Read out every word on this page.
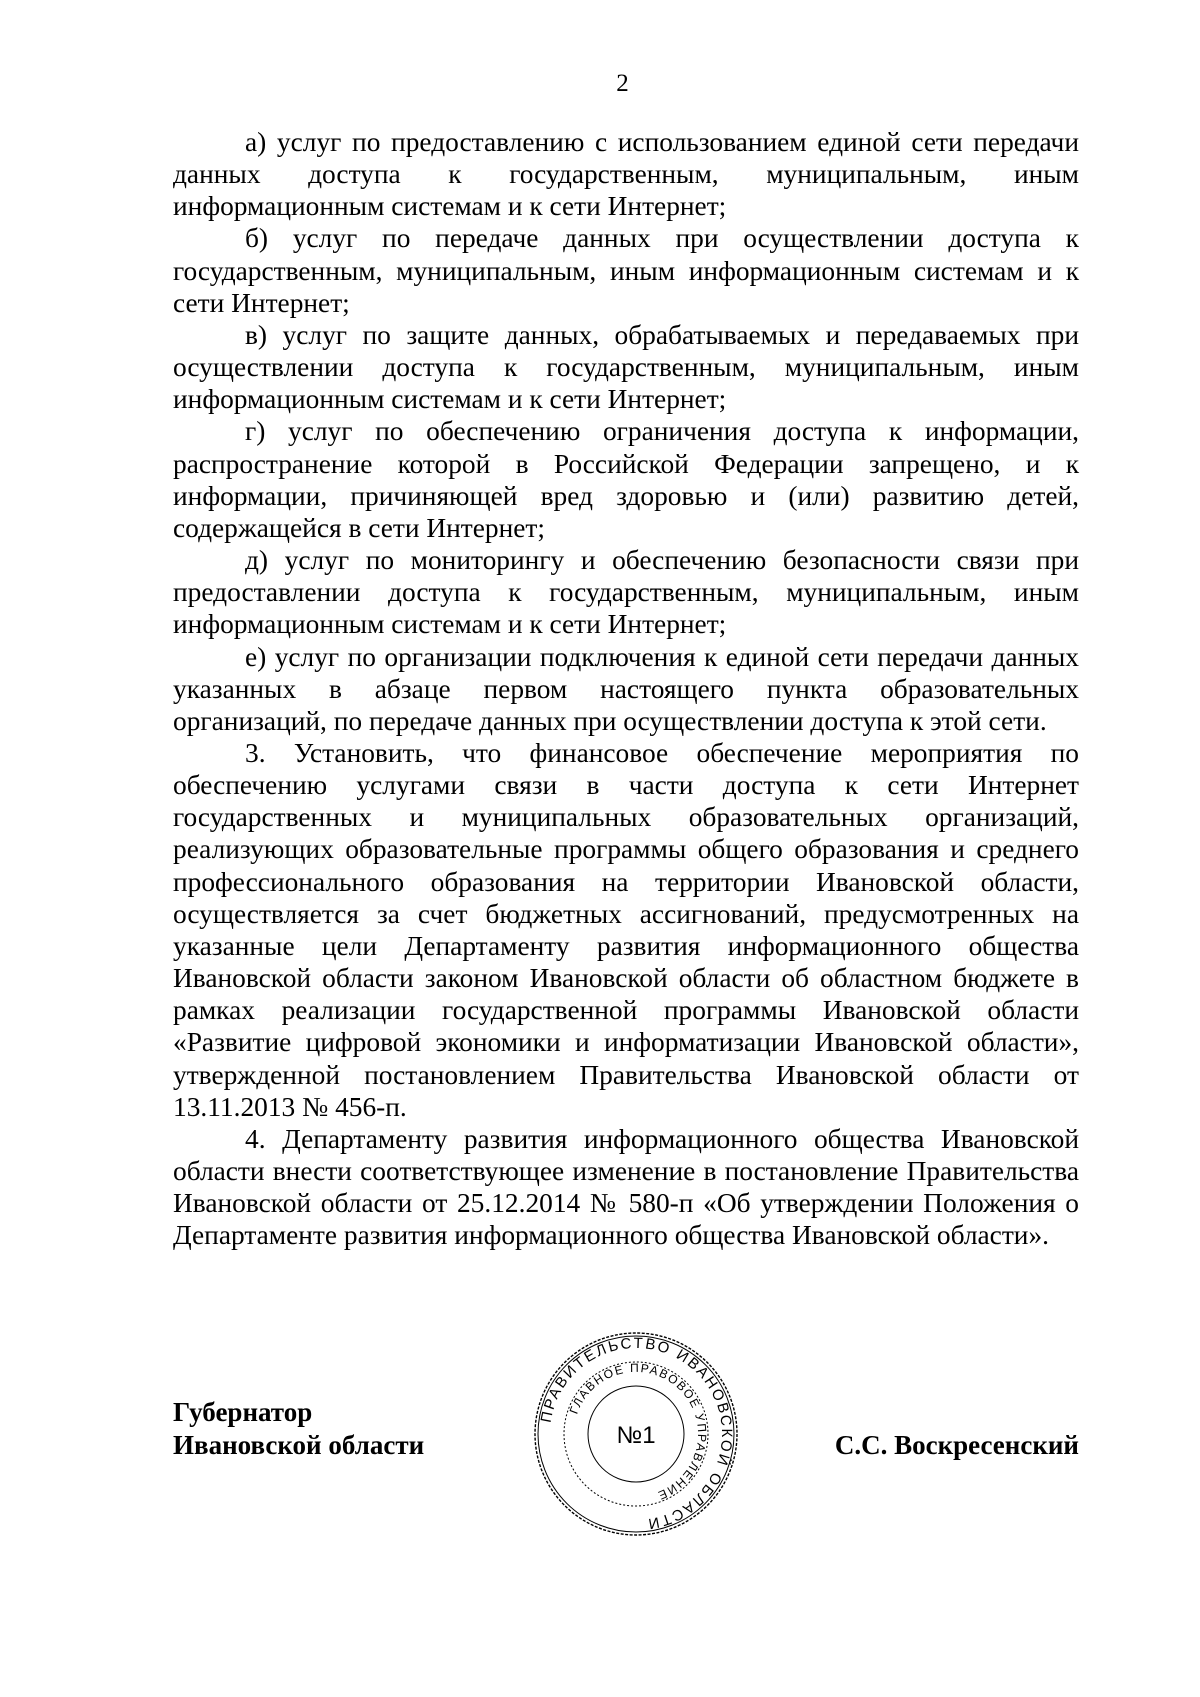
2

а) услуг по предоставлению с использованием единой сети передачи данных доступа к государственным, муниципальным, иным информационным системам и к сети Интернет;

б) услуг по передаче данных при осуществлении доступа к государственным, муниципальным, иным информационным системам и к сети Интернет;

в) услуг по защите данных, обрабатываемых и передаваемых при осуществлении доступа к государственным, муниципальным, иным информационным системам и к сети Интернет;

г) услуг по обеспечению ограничения доступа к информации, распространение которой в Российской Федерации запрещено, и к информации, причиняющей вред здоровью и (или) развитию детей, содержащейся в сети Интернет;

д) услуг по мониторингу и обеспечению безопасности связи при предоставлении доступа к государственным, муниципальным, иным информационным системам и к сети Интернет;

е) услуг по организации подключения к единой сети передачи данных указанных в абзаце первом настоящего пункта образовательных организаций, по передаче данных при осуществлении доступа к этой сети.

3. Установить, что финансовое обеспечение мероприятия по обеспечению услугами связи в части доступа к сети Интернет государственных и муниципальных образовательных организаций, реализующих образовательные программы общего образования и среднего профессионального образования на территории Ивановской области, осуществляется за счет бюджетных ассигнований, предусмотренных на указанные цели Департаменту развития информационного общества Ивановской области законом Ивановской области об областном бюджете в рамках реализации государственной программы Ивановской области «Развитие цифровой экономики и информатизации Ивановской области», утвержденной постановлением Правительства Ивановской области от 13.11.2013 № 456-п.

4. Департаменту развития информационного общества Ивановской области внести соответствующее изменение в постановление Правительства Ивановской области от 25.12.2014 № 580-п «Об утверждении Положения о Департаменте развития информационного общества Ивановской области».

Губернатор
Ивановской области	С.С. Воскресенский
ПРАВИТЕЛЬСТВО ИВАНОВСКОЙ ОБЛАСТИ
ГЛАВНОЕ ПРАВОВОЕ УПРАВЛЕНИЕ
№1
